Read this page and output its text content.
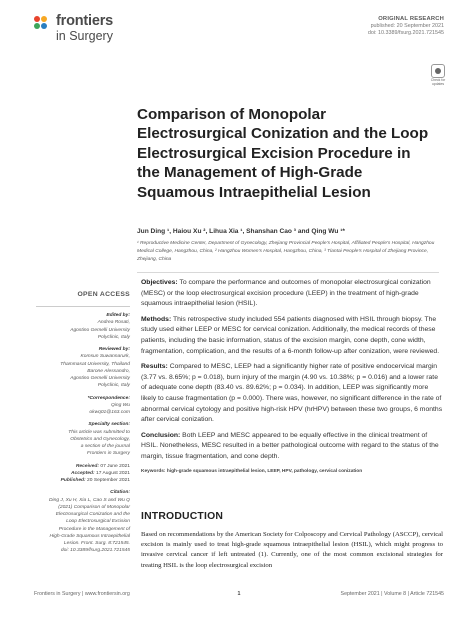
frontiers
in Surgery
ORIGINAL RESEARCH
published: 20 September 2021
doi: 10.3389/fsurg.2021.721545
Check for updates
Comparison of Monopolar Electrosurgical Conization and the Loop Electrosurgical Excision Procedure in the Management of High-Grade Squamous Intraepithelial Lesion
Jun Ding ¹, Haiou Xu ², Lihua Xia ¹, Shanshan Cao ³ and Qing Wu ¹*
¹ Reproductive Medicine Center, Department of Gynecology, Zhejiang Provincial People's Hospital, Affiliated People's Hospital, Hangzhou Medical College, Hangzhou, China, ² Hangzhou Women's Hospital, Hangzhou, China, ³ Tiantai People's Hospital of Zhejiang Province, Zhejiang, China
OPEN ACCESS
Edited by:
Andrea Rosati,
Agostino Gemelli University
Polyclinic, Italy
Reviewed by:
Komsun Suwannarurk,
Thammasat University, Thailand
Barone Alessandro,
Agostino Gemelli University
Polyclinic, Italy
*Correspondence:
Qing Wu
okwq01@163.com
Specialty section:
This article was submitted to
Obstetrics and Gynecology,
a section of the journal
Frontiers in Surgery
Received: 07 June 2021
Accepted: 17 August 2021
Published: 20 September 2021
Citation:
Ding J, Xu H, Xia L, Cao S and Wu Q
(2021) Comparison of Monopolar
Electrosurgical Conization and the
Loop Electrosurgical Excision
Procedure in the Management of
High-Grade Squamous Intraepithelial
Lesion. Front. Surg. 8:721545.
doi: 10.3389/fsurg.2021.721545

Objectives: To compare the performance and outcomes of monopolar electrosurgical conization (MESC) or the loop electrosurgical excision procedure (LEEP) in the treatment of high-grade squamous intraepithelial lesion (HSIL).

Methods: This retrospective study included 554 patients diagnosed with HSIL through biopsy. The study used either LEEP or MESC for cervical conization. Additionally, the medical records of these patients, including the basic information, status of the excision margin, cone depth, cone width, fragmentation, complication, and the results of a 6-month follow-up after conization, were reviewed.

Results: Compared to MESC, LEEP had a significantly higher rate of positive endocervical margin (3.77 vs. 8.65%; p = 0.018), burn injury of the margin (4.90 vs. 10.38%; p = 0.016) and a lower rate of adequate cone depth (83.40 vs. 89.62%; p = 0.034). In addition, LEEP was significantly more likely to cause fragmentation (p = 0.000). There was, however, no significant difference in the rate of abnormal cervical cytology and positive high-risk HPV (hrHPV) between these two groups, 6 months after cervical conization.

Conclusion: Both LEEP and MESC appeared to be equally effective in the clinical treatment of HSIL. Nonetheless, MESC resulted in a better pathological outcome with regard to the status of the margin, tissue fragmentation, and cone depth.

Keywords: high-grade squamous intraepithelial lesion, LEEP, HPV, pathology, cervical conization
INTRODUCTION
Based on recommendations by the American Society for Colposcopy and Cervical Pathology (ASCCP), cervical excision is mainly used to treat high-grade squamous intraepithelial lesion (HSIL), which might progress to invasive cervical cancer if left untreated (1). Currently, one of the most common excisional strategies for treating HSIL is the loop electrosurgical excision
Frontiers in Surgery | www.frontiersin.org	1	September 2021 | Volume 8 | Article 721545
